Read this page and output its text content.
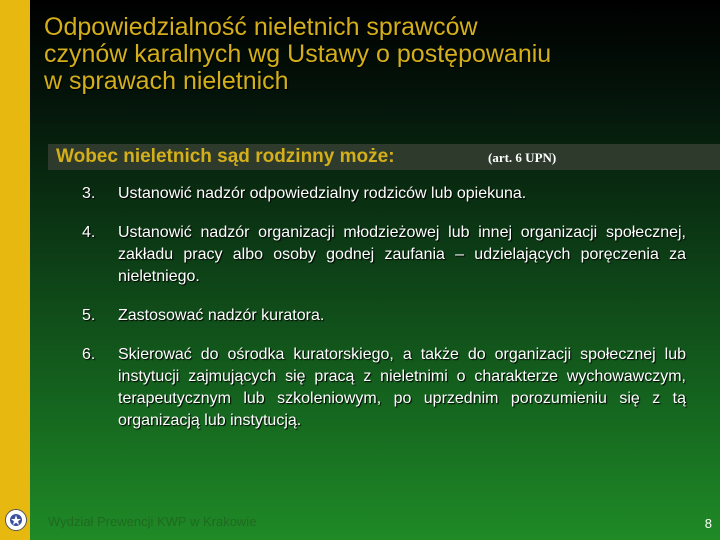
Odpowiedzialność nieletnich sprawców
czynów karalnych wg Ustawy o postępowaniu
w sprawach nieletnich
Wobec nieletnich sąd rodzinny może:	(art. 6 UPN)
3. Ustanowić nadzór odpowiedzialny rodziców lub opiekuna.
4. Ustanowić nadzór organizacji młodzieżowej lub innej organizacji społecznej, zakładu pracy albo osoby godnej zaufania – udzielających poręczenia za nieletniego.
5. Zastosować nadzór kuratora.
6. Skierować do ośrodka kuratorskiego, a także do organizacji społecznej lub instytucji zajmujących się pracą z nieletnimi o charakterze wychowawczym, terapeutycznym lub szkoleniowym, po uprzednim porozumieniu się z tą organizacją lub instytucją.
Wydział Prewencji KWP w Krakowie	8
